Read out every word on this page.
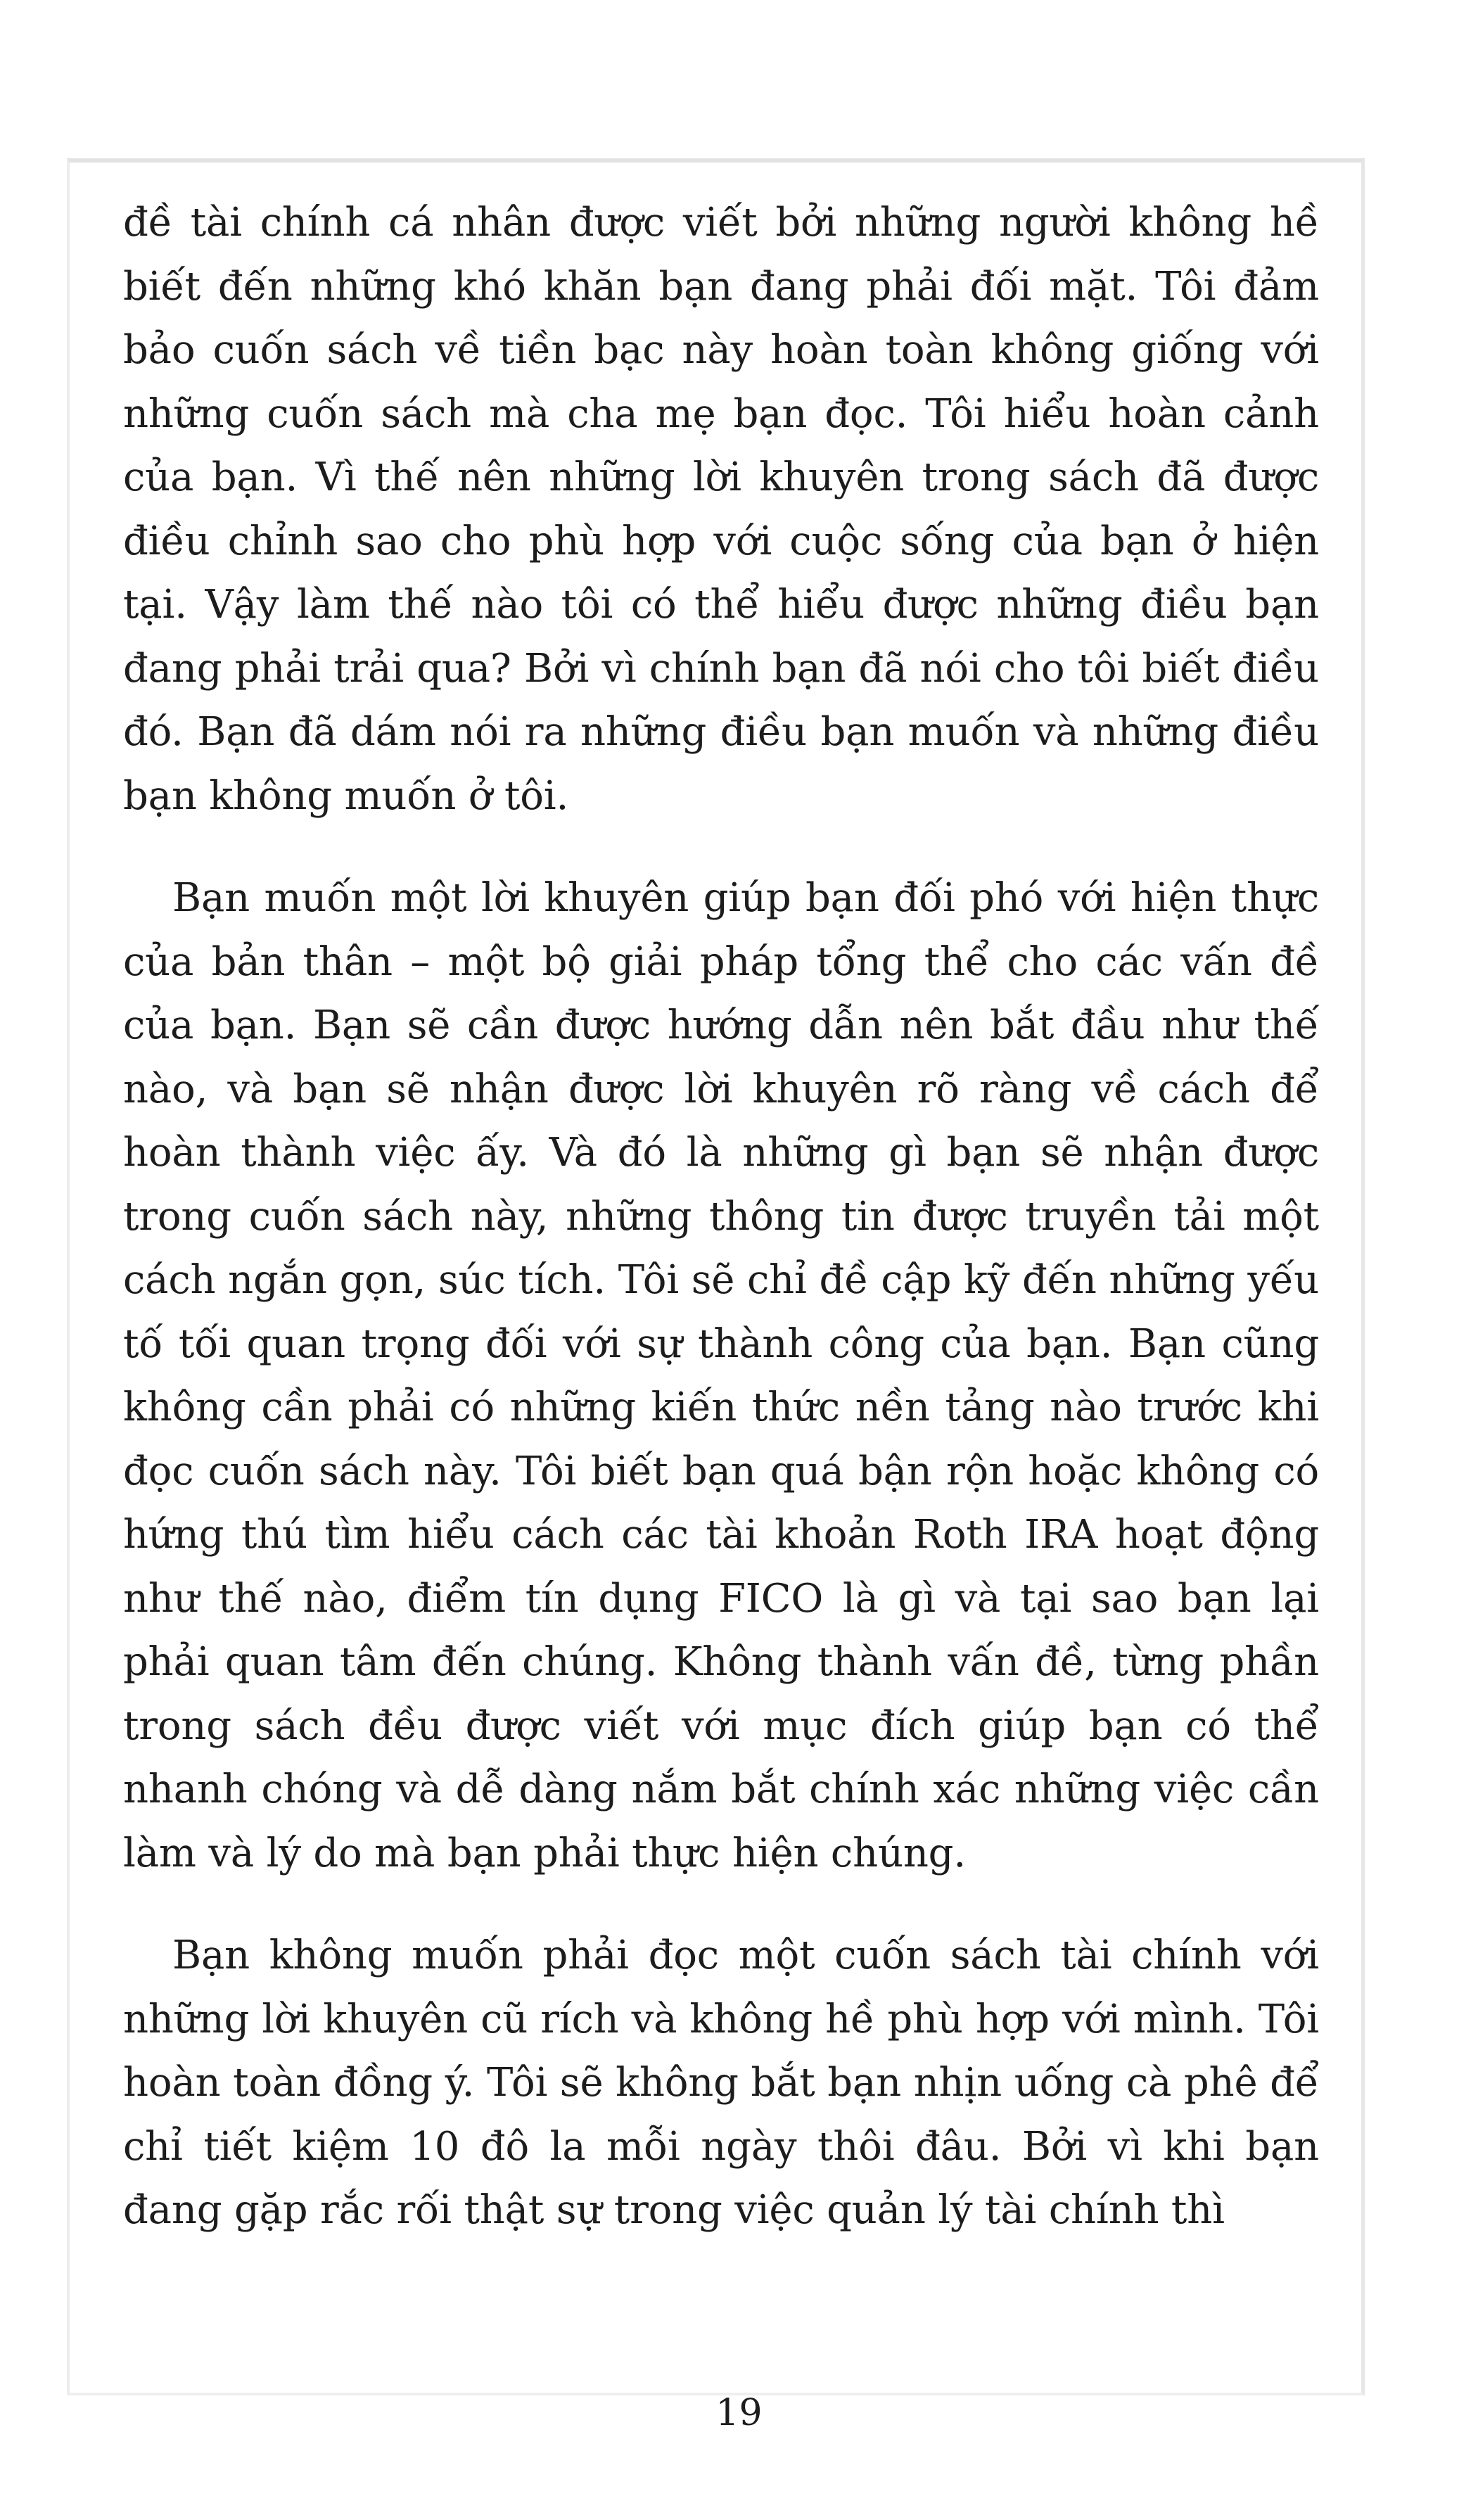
đề tài chính cá nhân được viết bởi những người không hề biết đến những khó khăn bạn đang phải đối mặt. Tôi đảm bảo cuốn sách về tiền bạc này hoàn toàn không giống với những cuốn sách mà cha mẹ bạn đọc. Tôi hiểu hoàn cảnh của bạn. Vì thế nên những lời khuyên trong sách đã được điều chỉnh sao cho phù hợp với cuộc sống của bạn ở hiện tại. Vậy làm thế nào tôi có thể hiểu được những điều bạn đang phải trải qua? Bởi vì chính bạn đã nói cho tôi biết điều đó. Bạn đã dám nói ra những điều bạn muốn và những điều bạn không muốn ở tôi.

Bạn muốn một lời khuyên giúp bạn đối phó với hiện thực của bản thân – một bộ giải pháp tổng thể cho các vấn đề của bạn. Bạn sẽ cần được hướng dẫn nên bắt đầu như thế nào, và bạn sẽ nhận được lời khuyên rõ ràng về cách để hoàn thành việc ấy. Và đó là những gì bạn sẽ nhận được trong cuốn sách này, những thông tin được truyền tải một cách ngắn gọn, súc tích. Tôi sẽ chỉ đề cập kỹ đến những yếu tố tối quan trọng đối với sự thành công của bạn. Bạn cũng không cần phải có những kiến thức nền tảng nào trước khi đọc cuốn sách này. Tôi biết bạn quá bận rộn hoặc không có hứng thú tìm hiểu cách các tài khoản Roth IRA hoạt động như thế nào, điểm tín dụng FICO là gì và tại sao bạn lại phải quan tâm đến chúng. Không thành vấn đề, từng phần trong sách đều được viết với mục đích giúp bạn có thể nhanh chóng và dễ dàng nắm bắt chính xác những việc cần làm và lý do mà bạn phải thực hiện chúng.

Bạn không muốn phải đọc một cuốn sách tài chính với những lời khuyên cũ rích và không hề phù hợp với mình. Tôi hoàn toàn đồng ý. Tôi sẽ không bắt bạn nhịn uống cà phê để chỉ tiết kiệm 10 đô la mỗi ngày thôi đâu. Bởi vì khi bạn đang gặp rắc rối thật sự trong việc quản lý tài chính thì

19
